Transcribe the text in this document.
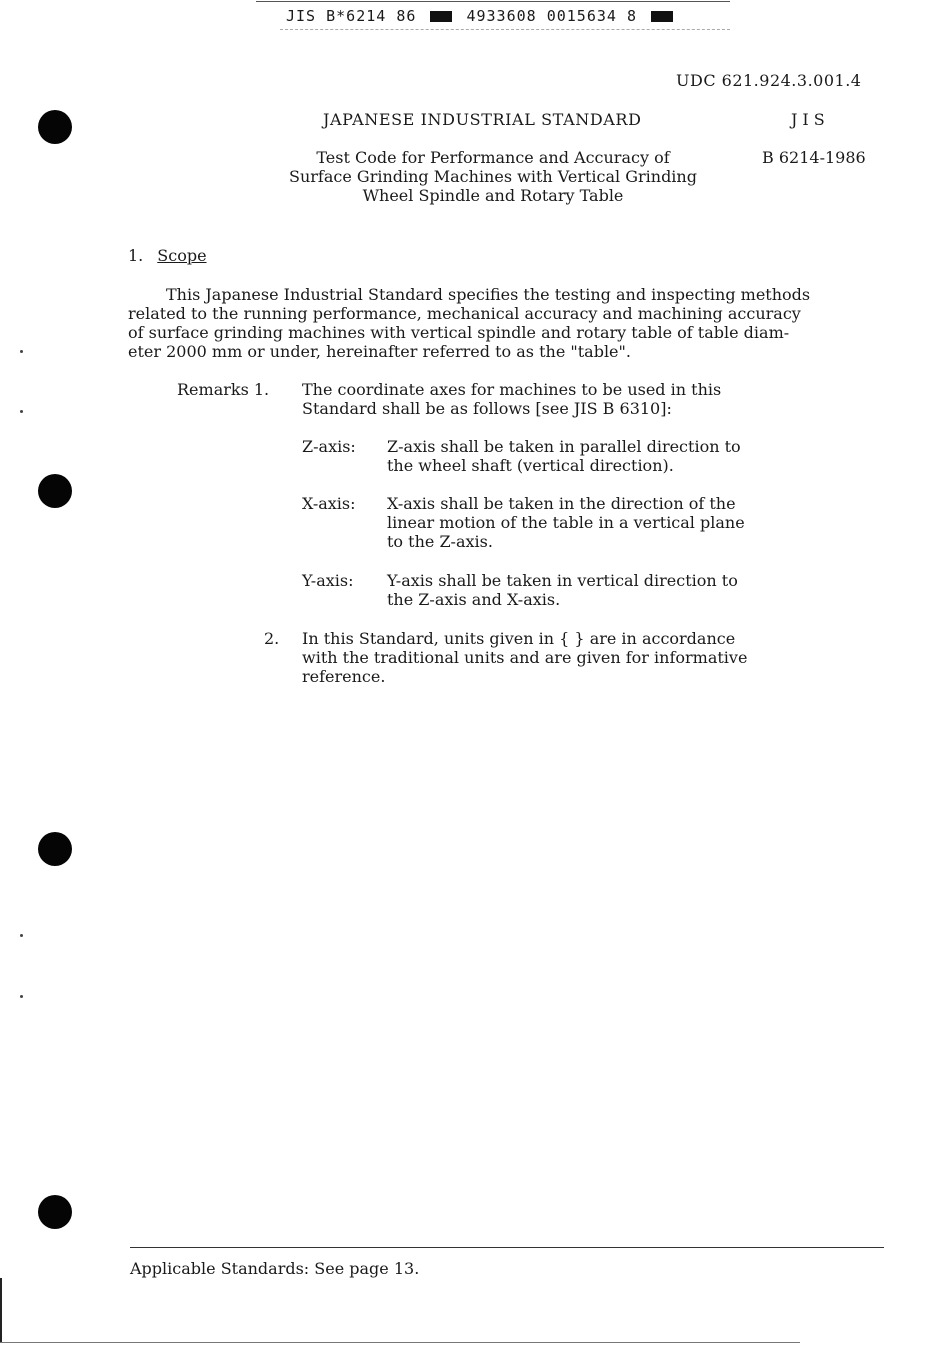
JIS B*6214 86	4933608 0015634 8
UDC 621.924.3.001.4
JAPANESE INDUSTRIAL STANDARD	JIS
Test Code for Performance and Accuracy of
Surface Grinding Machines with Vertical Grinding
Wheel Spindle and Rotary Table
B 6214-1986
1. Scope
This Japanese Industrial Standard specifies the testing and inspecting methods
related to the running performance, mechanical accuracy and machining accuracy
of surface grinding machines with vertical spindle and rotary table of table diam-
eter 2000 mm or under, hereinafter referred to as the "table".
Remarks 1. The coordinate axes for machines to be used in this
Standard shall be as follows [see JIS B 6310]:
Z-axis: Z-axis shall be taken in parallel direction to
the wheel shaft (vertical direction).
X-axis: X-axis shall be taken in the direction of the
linear motion of the table in a vertical plane
to the Z-axis.
Y-axis: Y-axis shall be taken in vertical direction to
the Z-axis and X-axis.
2. In this Standard, units given in { } are in accordance
with the traditional units and are given for informative
reference.
Applicable Standards: See page 13.
